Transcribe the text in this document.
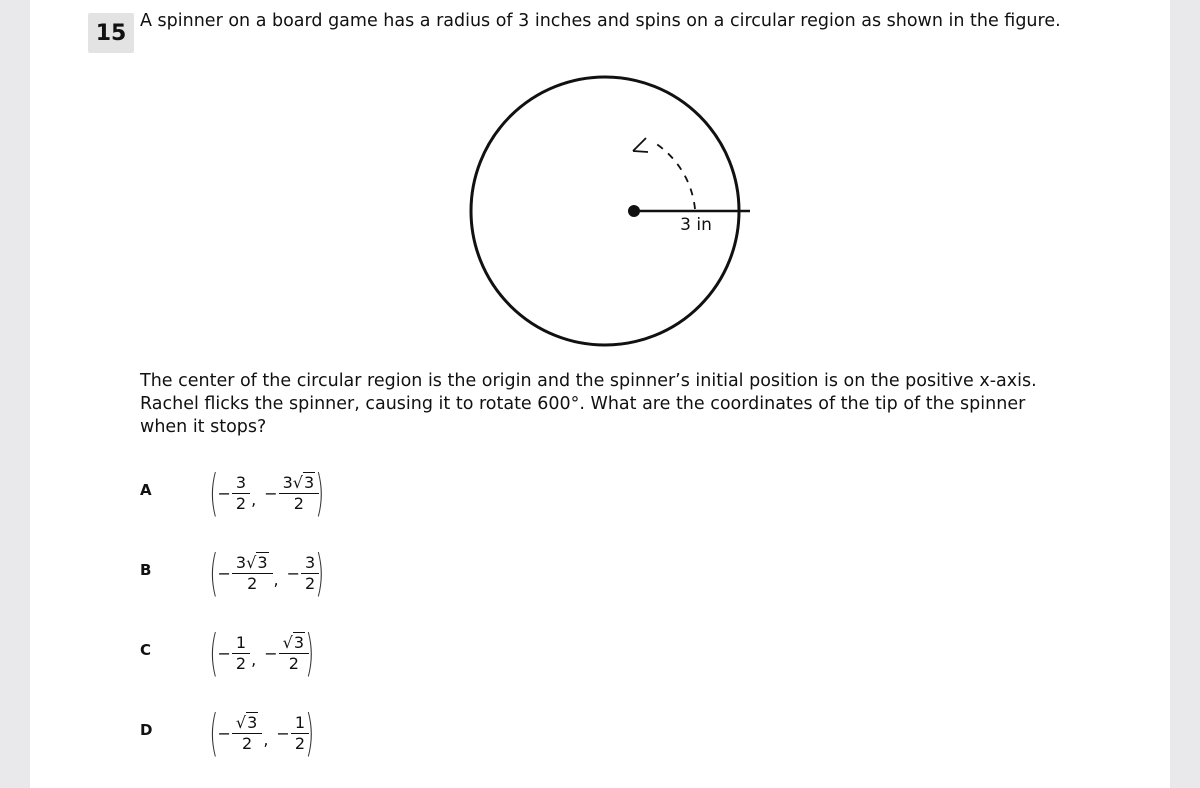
15 A spinner on a board game has a radius of 3 inches and spins on a circular region as shown in the figure.
3 in
The center of the circular region is the origin and the spinner’s initial position is on the positive x-axis. Rachel flicks the spinner, causing it to rotate 600°. What are the coordinates of the tip of the spinner when it stops?
A ( − $\frac{3}{2}$ , − $\frac{3√3}{2}$
)
B ( − $\frac{3√3}{2}$ , − $\frac{3}{2}$
)
C ( − $\frac{1}{2}$ , − $\frac{√3}{2}$
)
D ( − $\frac{√3}{2}$ , − $\frac{1}{2}$
)
